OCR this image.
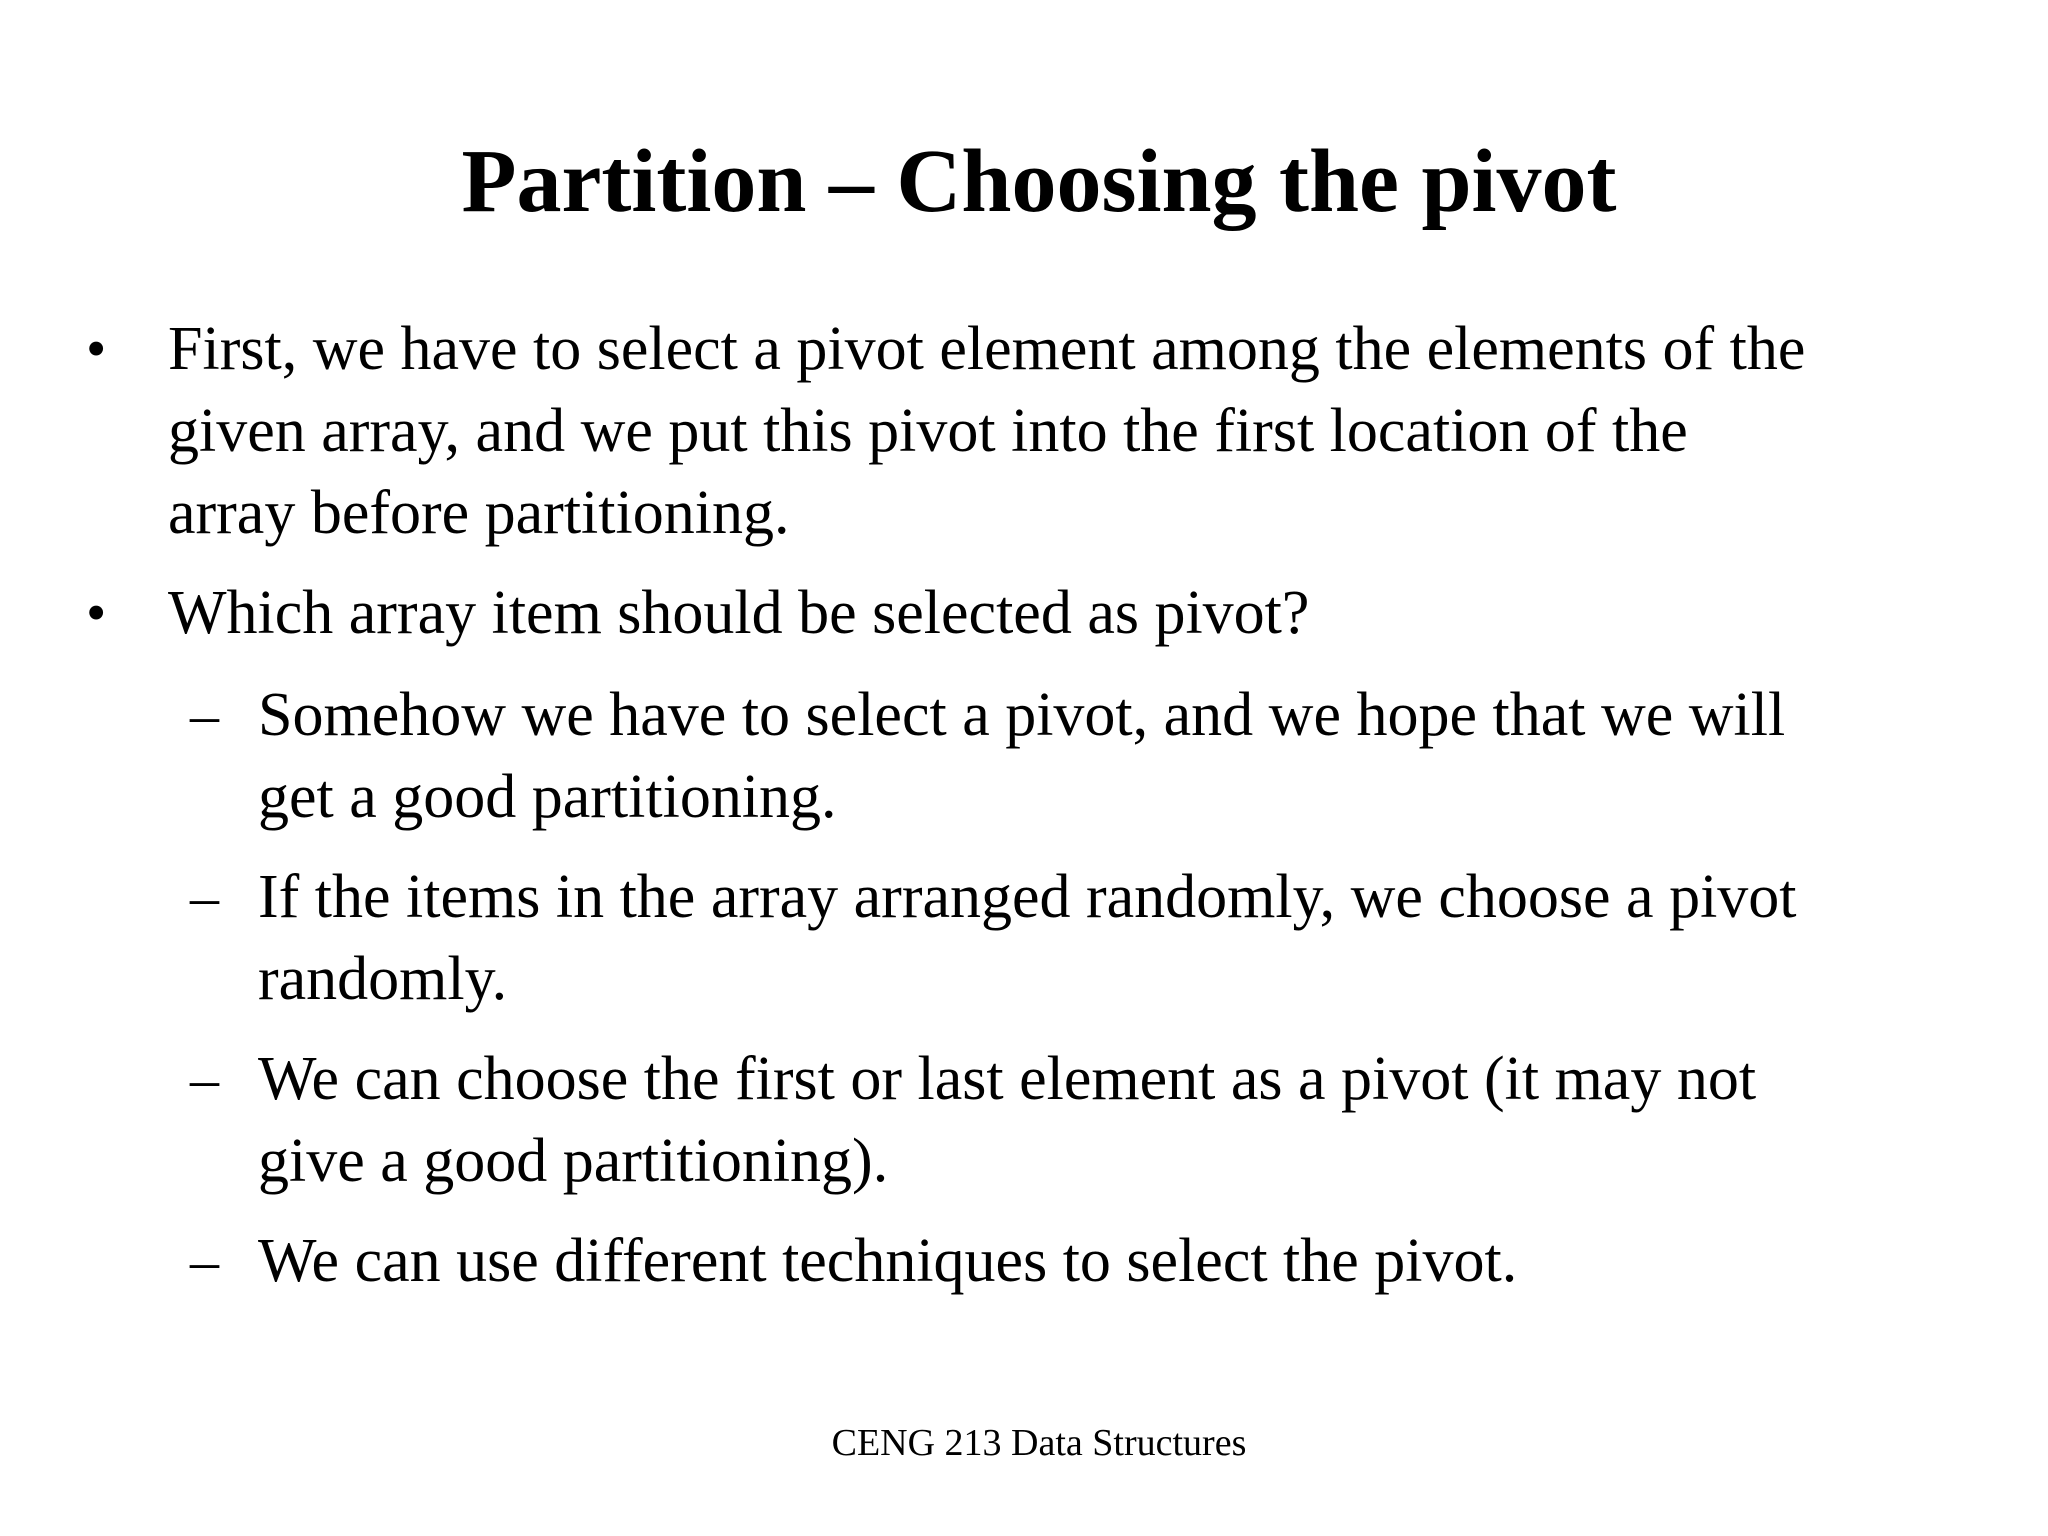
Partition – Choosing the pivot
• First, we have to select a pivot element among the elements of the
given array, and we put this pivot into the first location of the
array before partitioning.
• Which array item should be selected as pivot?
– Somehow we have to select a pivot, and we hope that we will
get a good partitioning.
– If the items in the array arranged randomly, we choose a pivot
randomly.
– We can choose the first or last element as a pivot (it may not
give a good partitioning).
– We can use different techniques to select the pivot.
CENG 213 Data Structures
